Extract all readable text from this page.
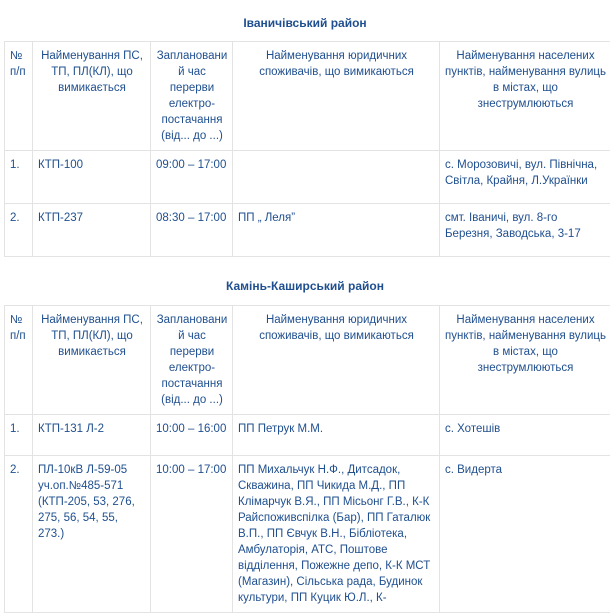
Іваничівський район
№п/п	Найменування ПС, ТП, ПЛ(КЛ), що вимикається	Запланований час перерви електро-постачання (від... до ...)	Найменування юридичних споживачів, що вимикаються	Найменування населених пунктів, найменування вулиць в містах, що знеструмлюються
1.	КТП-100	09:00 – 17:00		с. Морозовичі, вул. Північна, Світла, Крайня, Л.Українки
2.	КТП-237	08:30 – 17:00	ПП „ Леля”	смт. Іваничі, вул. 8-го Березня, Заводська, 3-17
Камінь-Каширський район
№п/п	Найменування ПС, ТП, ПЛ(КЛ), що вимикається	Запланований час перерви електро-постачання (від... до ...)	Найменування юридичних споживачів, що вимикаються	Найменування населених пунктів, найменування вулиць в містах, що знеструмлюються
1.	КТП-131 Л-2	10:00 – 16:00	ПП Петрук М.М.	с. Хотешів
2.	ПЛ-10кВ Л-59-05 уч.оп.№485-571 (КТП-205, 53, 276, 275, 56, 54, 55, 273.)	10:00 – 17:00	ПП Михальчук Н.Ф., Дитсадок, Скважина, ПП Чикида М.Д., ПП Клімарчук В.Я., ПП Місьонг Г.В., К-К Райспоживспілка (Бар), ПП Гаталюк В.П., ПП Євчук В.Н., Бібліотека, Амбулаторія, АТС, Поштове відділення, Пожежне депо, К-К МСТ (Магазин), Сільська рада, Будинок культури, ПП Куцик Ю.Л., К-	с. Видерта
